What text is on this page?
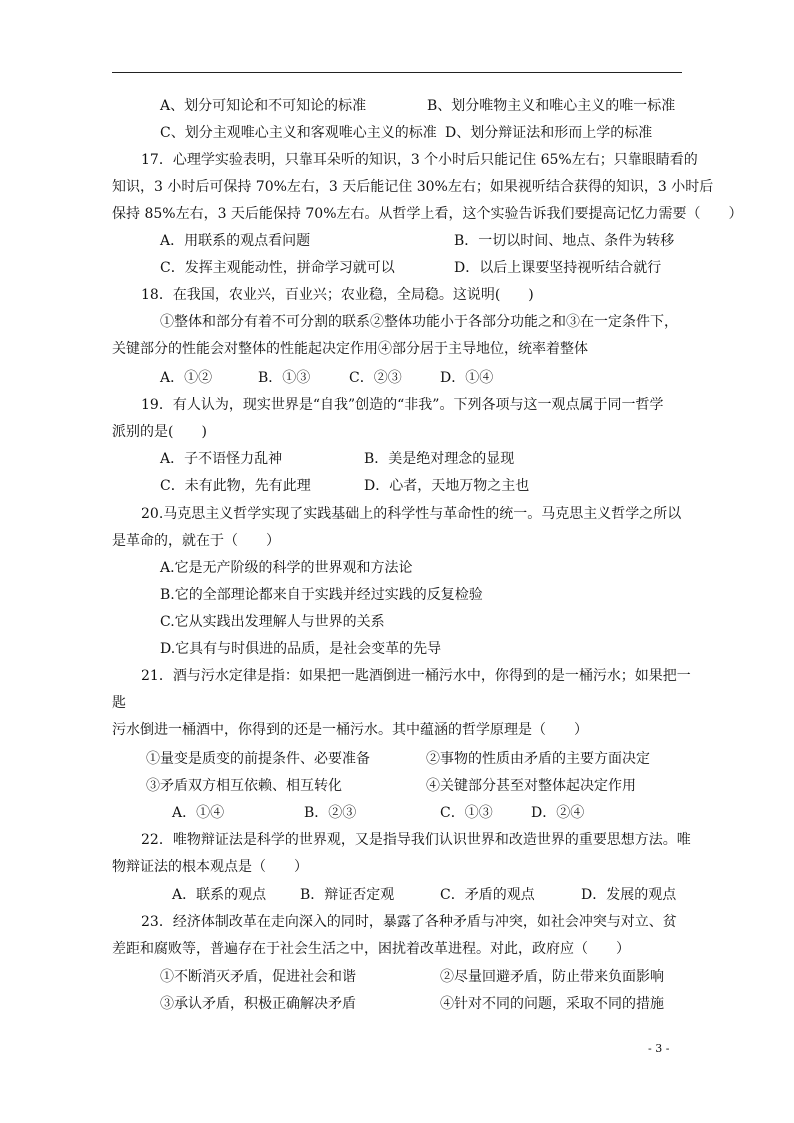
A、划分可知论和不可知论的标准	B、划分唯物主义和唯心主义的唯一标准
C、划分主观唯心主义和客观唯心主义的标准 D、划分辩证法和形而上学的标准
17．心理学实验表明，只靠耳朵听的知识，3 个小时后只能记住 65%左右；只靠眼睛看的
知识，3 小时后可保持 70%左右，3 天后能记住 30%左右；如果视听结合获得的知识，3 小时后
保持 85%左右，3 天后能保持 70%左右。从哲学上看，这个实验告诉我们要提高记忆力需要（　　）
A．用联系的观点看问题	B．一切以时间、地点、条件为转移
C．发挥主观能动性，拼命学习就可以	D．以后上课要坚持视听结合就行
18．在我国，农业兴，百业兴；农业稳，全局稳。这说明(　　)
①整体和部分有着不可分割的联系②整体功能小于各部分功能之和③在一定条件下，
关键部分的性能会对整体的性能起决定作用④部分居于主导地位，统率着整体
A．①②	B．①③	C．②③	D．①④
19．有人认为，现实世界是“自我”创造的“非我”。下列各项与这一观点属于同一哲学
派别的是(　　)
A．子不语怪力乱神	B．美是绝对理念的显现
C．未有此物，先有此理	D．心者，天地万物之主也
20.马克思主义哲学实现了实践基础上的科学性与革命性的统一。马克思主义哲学之所以
是革命的，就在于（　　）
A.它是无产阶级的科学的世界观和方法论
B.它的全部理论都来自于实践并经过实践的反复检验
C.它从实践出发理解人与世界的关系
D.它具有与时俱进的品质，是社会变革的先导
21．酒与污水定律是指：如果把一匙酒倒进一桶污水中，你得到的是一桶污水；如果把一
匙
污水倒进一桶酒中，你得到的还是一桶污水。其中蕴涵的哲学原理是（　　）
①量变是质变的前提条件、必要准备	②事物的性质由矛盾的主要方面决定
③矛盾双方相互依赖、相互转化	④关键部分甚至对整体起决定作用
A．①④	B．②③	C．①③	D．②④
22．唯物辩证法是科学的世界观，又是指导我们认识世界和改造世界的重要思想方法。唯
物辩证法的根本观点是（　　）
A．联系的观点 B．辩证否定观	C．矛盾的观点	D．发展的观点
23．经济体制改革在走向深入的同时，暴露了各种矛盾与冲突，如社会冲突与对立、贫
差距和腐败等，普遍存在于社会生活之中，困扰着改革进程。对此，政府应（　　）
①不断消灭矛盾，促进社会和谐	②尽量回避矛盾，防止带来负面影响
③承认矛盾，积极正确解决矛盾	④针对不同的问题，采取不同的措施
- 3 -
